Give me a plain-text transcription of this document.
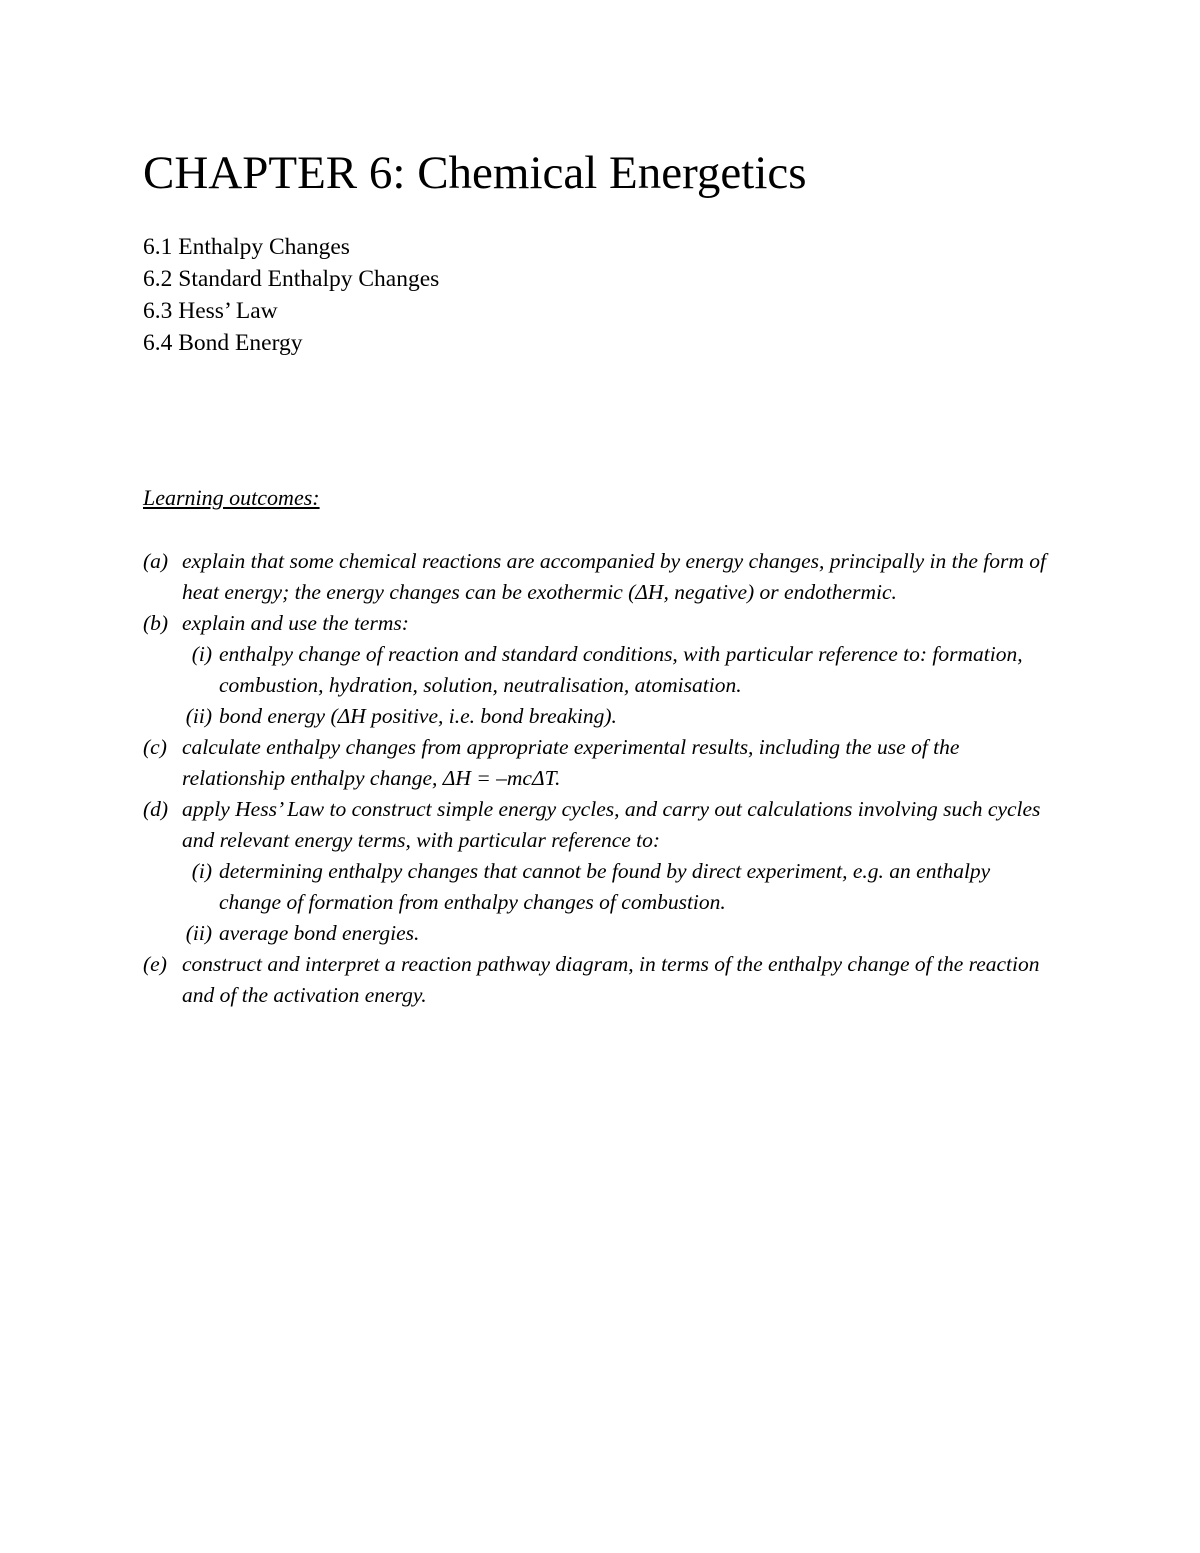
CHAPTER 6: Chemical Energetics
6.1 Enthalpy Changes
6.2 Standard Enthalpy Changes
6.3 Hess’ Law
6.4 Bond Energy
Learning outcomes:
(a) explain that some chemical reactions are accompanied by energy changes, principally in the form of heat energy; the energy changes can be exothermic (ΔH, negative) or endothermic.
(b) explain and use the terms:
(i) enthalpy change of reaction and standard conditions, with particular reference to: formation, combustion, hydration, solution, neutralisation, atomisation.
(ii) bond energy (ΔH positive, i.e. bond breaking).
(c) calculate enthalpy changes from appropriate experimental results, including the use of the relationship enthalpy change, ΔH = –mcΔT.
(d) apply Hess’ Law to construct simple energy cycles, and carry out calculations involving such cycles and relevant energy terms, with particular reference to:
(i) determining enthalpy changes that cannot be found by direct experiment, e.g. an enthalpy change of formation from enthalpy changes of combustion.
(ii) average bond energies.
(e) construct and interpret a reaction pathway diagram, in terms of the enthalpy change of the reaction and of the activation energy.
